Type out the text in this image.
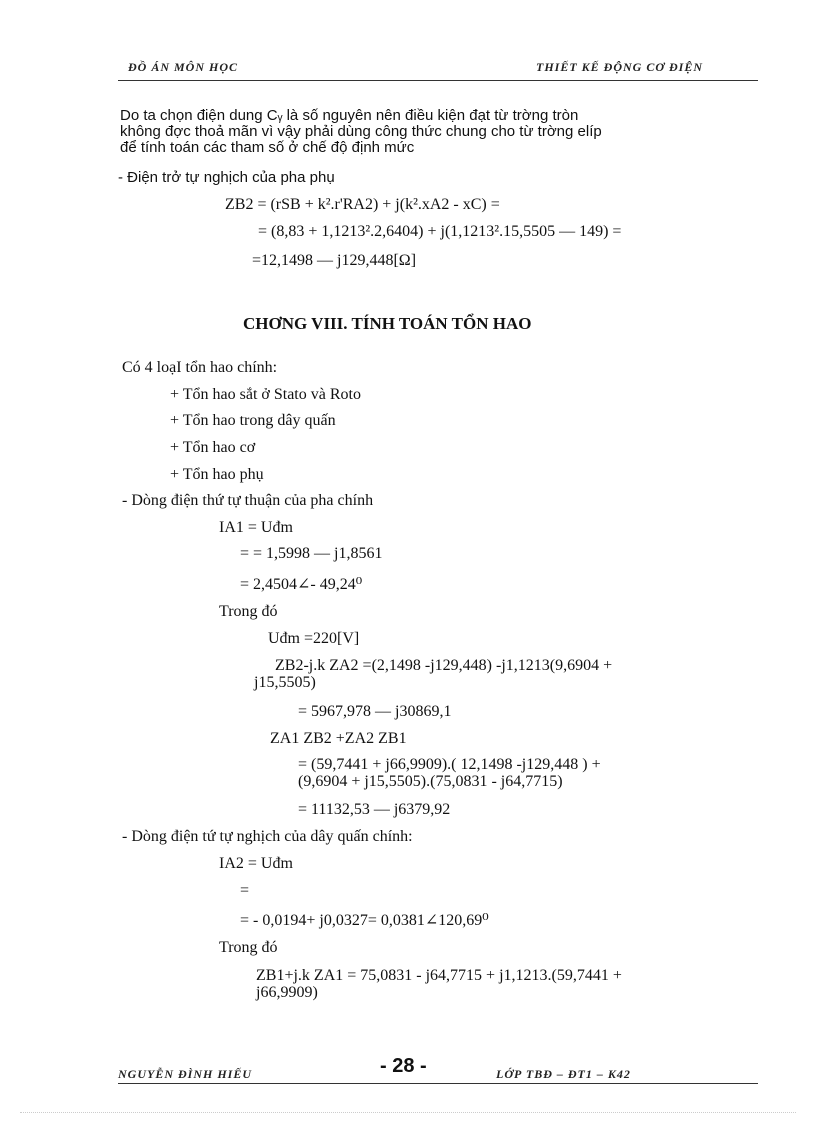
ĐỒ ÁN MÔN HỌC	THIẾT KẾ ĐỘNG CƠ ĐIỆN
Do ta chọn điện dung Cᵧ là số nguyên nên điều kiện đạt từ trờng tròn
không đợc thoả mãn vì vậy phải dùng công thức chung cho từ trờng elíp
để tính toán các tham số ở chế độ định mức
- Điện trở tự nghịch của pha phụ
ZB2 = (rSB + k².r'RA2) + j(k².xA2 - xC) =
= (8,83 + 1,1213².2,6404) + j(1,1213².15,5505 — 149) =
=12,1498 — j129,448[Ω]
CHƠNG VIII. TÍNH TOÁN TỔN HAO
Có 4 loạI tổn hao chính:
+ Tổn hao sắt ở Stato và Roto
+ Tổn hao trong dây quấn
+ Tổn hao cơ
+ Tổn hao phụ
- Dòng điện thứ tự thuận của pha chính
IA1 = Uđm
= = 1,5998 — j1,8561
= 2,4504∠- 49,24⁰
Trong đó
Uđm =220[V]
ZB2-j.k ZA2 =(2,1498 -j129,448) -j1,1213(9,6904 +
j15,5505)
= 5967,978 — j30869,1
ZA1 ZB2 +ZA2 ZB1
= (59,7441 + j66,9909).( 12,1498 -j129,448 ) +
(9,6904 + j15,5505).(75,0831 - j64,7715)
= 11132,53 — j6379,92
- Dòng điện tứ tự nghịch của dây quấn chính:
IA2 = Uđm
=
= - 0,0194+ j0,0327= 0,0381∠120,69⁰
Trong đó
ZB1+j.k ZA1 = 75,0831 - j64,7715 + j1,1213.(59,7441 +
j66,9909)
NGUYỄN ĐÌNH HIẾU	- 28 -	LỚP TBĐ – ĐT1 – K42
